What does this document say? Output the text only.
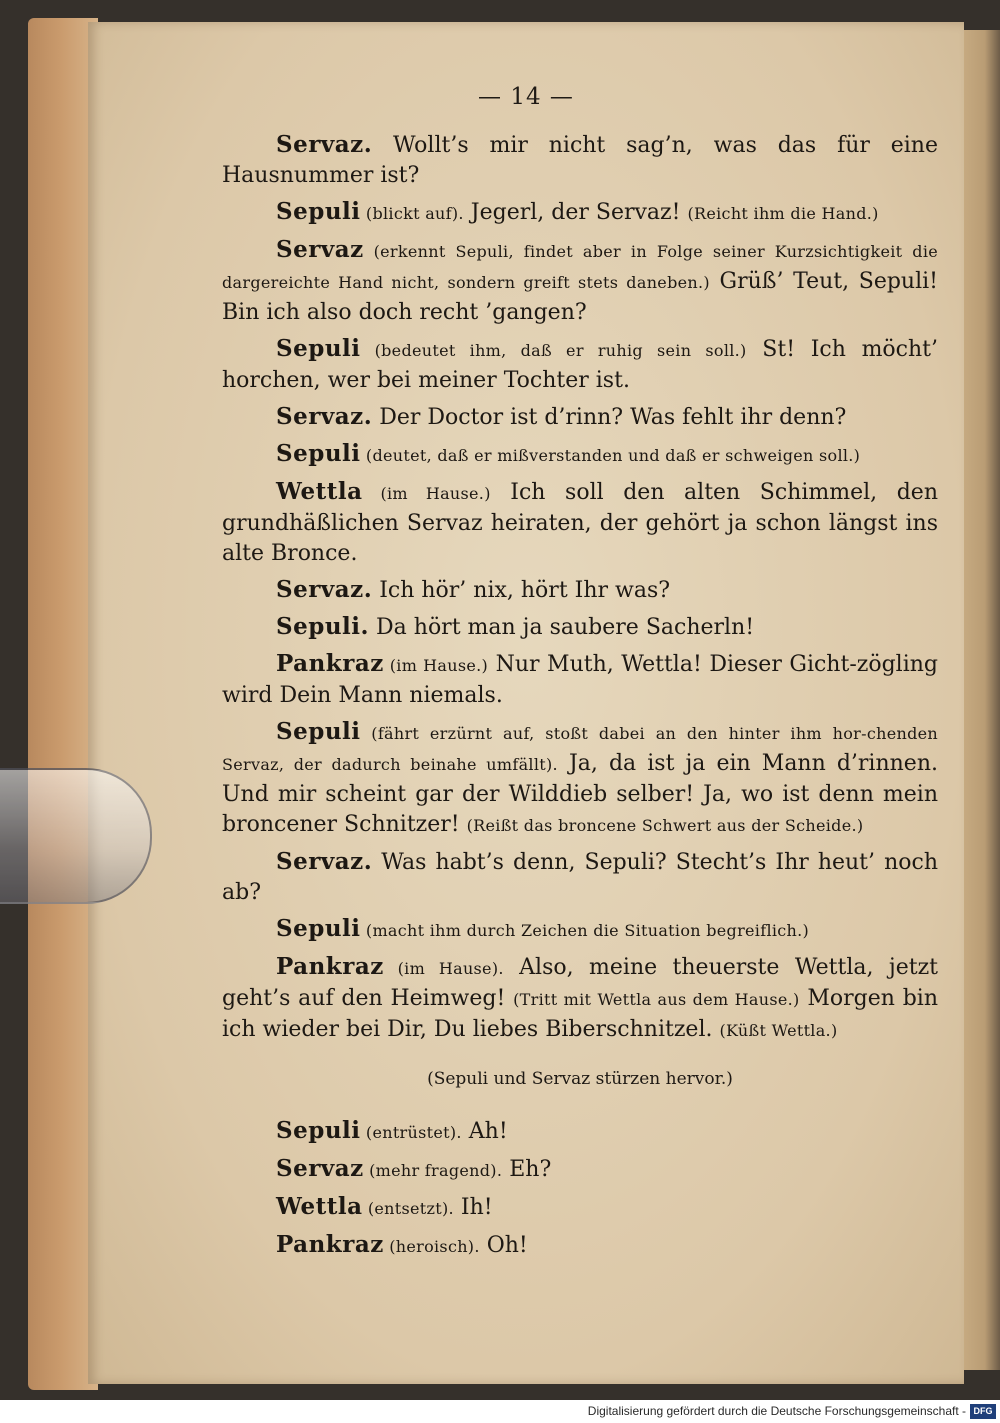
— 14 —

Servaz. Wollt’s mir nicht sag’n, was das für eine Hausnummer ist?

Sepuli (blickt auf). Jegerl, der Servaz! (Reicht ihm die Hand.)

Servaz (erkennt Sepuli, findet aber in Folge seiner Kurzsichtigkeit die dargereichte Hand nicht, sondern greift stets daneben.) Grüß’ Teut, Sepuli! Bin ich also doch recht ’gangen?

Sepuli (bedeutet ihm, daß er ruhig sein soll.) St! Ich möcht’ horchen, wer bei meiner Tochter ist.

Servaz. Der Doctor ist d’rinn? Was fehlt ihr denn?

Sepuli (deutet, daß er mißverstanden und daß er schweigen soll.)

Wettla (im Hause.) Ich soll den alten Schimmel, den grundhäßlichen Servaz heiraten, der gehört ja schon längst ins alte Bronce.

Servaz. Ich hör’ nix, hört Ihr was?

Sepuli. Da hört man ja saubere Sacherln!

Pankraz (im Hause.) Nur Muth, Wettla! Dieser Gicht-zögling wird Dein Mann niemals.

Sepuli (fährt erzürnt auf, stoßt dabei an den hinter ihm hor-chenden Servaz, der dadurch beinahe umfällt). Ja, da ist ja ein Mann d’rinnen. Und mir scheint gar der Wilddieb selber! Ja, wo ist denn mein broncener Schnitzer! (Reißt das broncene Schwert aus der Scheide.)

Servaz. Was habt’s denn, Sepuli? Stecht’s Ihr heut’ noch ab?

Sepuli (macht ihm durch Zeichen die Situation begreiflich.)

Pankraz (im Hause). Also, meine theuerste Wettla, jetzt geht’s auf den Heimweg! (Tritt mit Wettla aus dem Hause.) Morgen bin ich wieder bei Dir, Du liebes Biberschnitzel. (Küßt Wettla.)

(Sepuli und Servaz stürzen hervor.)

Sepuli (entrüstet). Ah!

Servaz (mehr fragend). Eh?

Wettla (entsetzt). Ih!

Pankraz (heroisch). Oh!

Digitalisierung gefördert durch die Deutsche Forschungsgemeinschaft - DFG
